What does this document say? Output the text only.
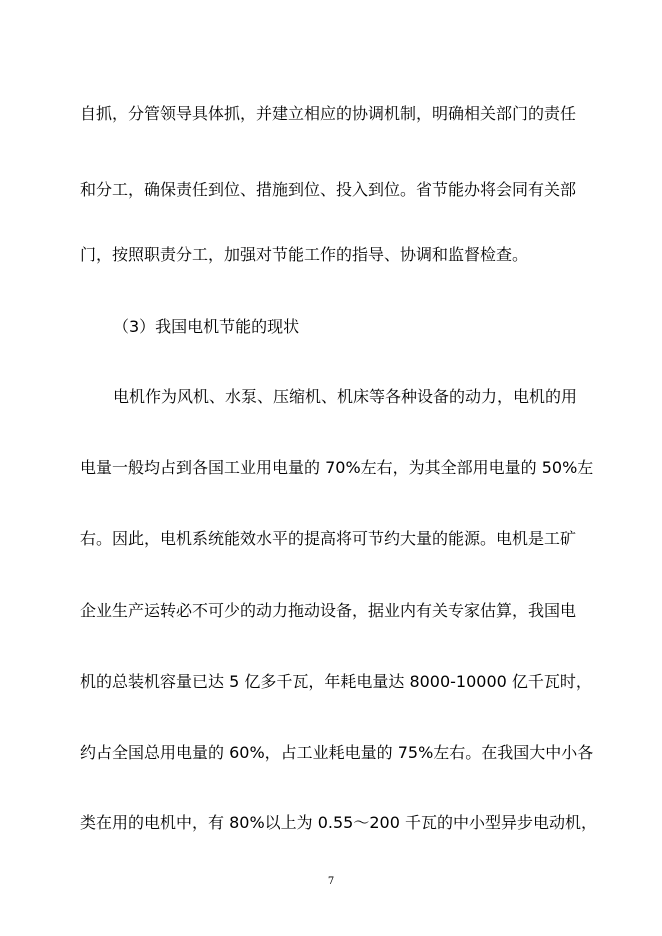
自抓，分管领导具体抓，并建立相应的协调机制，明确相关部门的责任
和分工，确保责任到位、措施到位、投入到位。省节能办将会同有关部
门，按照职责分工，加强对节能工作的指导、协调和监督检查。
（3）我国电机节能的现状
电机作为风机、水泵、压缩机、机床等各种设备的动力，电机的用
电量一般均占到各国工业用电量的 70%左右，为其全部用电量的 50%左
右。因此，电机系统能效水平的提高将可节约大量的能源。电机是工矿
企业生产运转必不可少的动力拖动设备，据业内有关专家估算，我国电
机的总装机容量已达 5 亿多千瓦，年耗电量达 8000-10000 亿千瓦时，
约占全国总用电量的 60%，占工业耗电量的 75%左右。在我国大中小各
类在用的电机中，有 80%以上为 0.55～200 千瓦的中小型异步电动机，
7
